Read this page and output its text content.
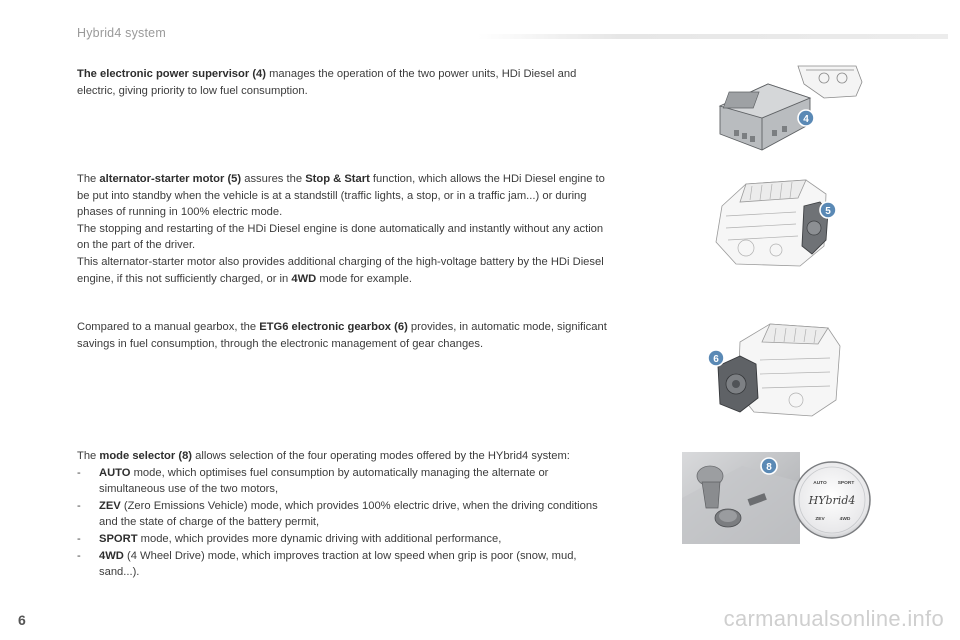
Hybrid4 system

The electronic power supervisor (4) manages the operation of the two power units, HDi Diesel and electric, giving priority to low fuel consumption.

The alternator-starter motor (5) assures the Stop & Start function, which allows the HDi Diesel engine to be put into standby when the vehicle is at a standstill (traffic lights, a stop, or in a traffic jam...) or during phases of running in 100% electric mode.
The stopping and restarting of the HDi Diesel engine is done automatically and instantly without any action on the part of the driver.
This alternator-starter motor also provides additional charging of the high-voltage battery by the HDi Diesel engine, if this not sufficiently charged, or in 4WD mode for example.

Compared to a manual gearbox, the ETG6 electronic gearbox (6) provides, in automatic mode, significant savings in fuel consumption, through the electronic management of gear changes.

The mode selector (8) allows selection of the four operating modes offered by the HYbrid4 system:
- AUTO mode, which optimises fuel consumption by automatically managing the alternate or simultaneous use of the two motors,
- ZEV (Zero Emissions Vehicle) mode, which provides 100% electric drive, when the driving conditions and the state of charge of the battery permit,
- SPORT mode, which provides more dynamic driving with additional performance,
- 4WD (4 Wheel Drive) mode, which improves traction at low speed when grip is poor (snow, mud, sand...).
4
5
6
AUTO SPORT
HYbrid4
ZEV	4WD
8
6	carmanualsonline.info
